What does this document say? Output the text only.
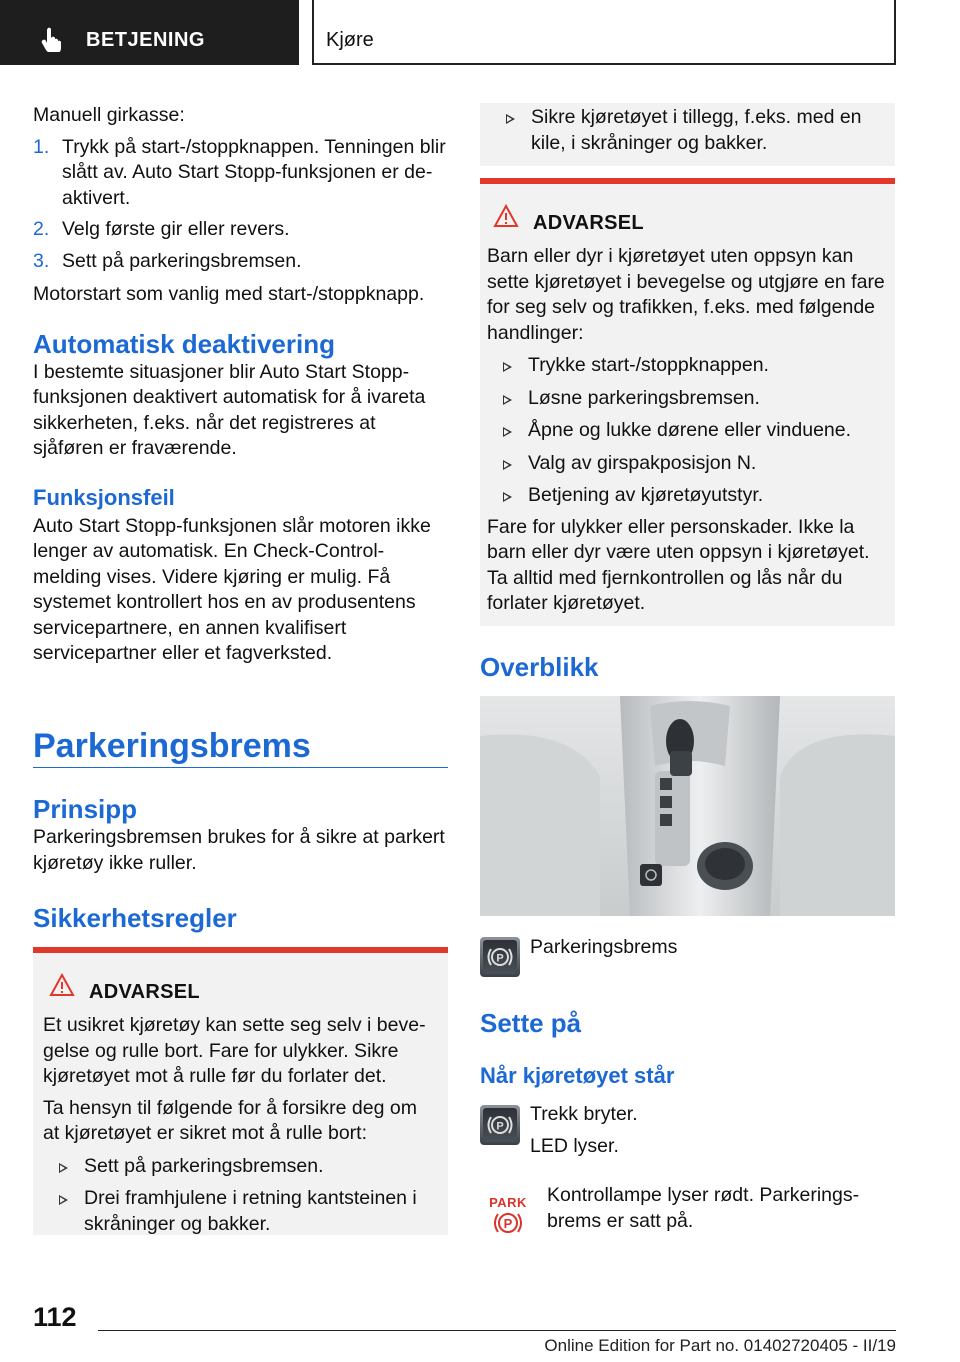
BETJENING	Kjøre
Manuell girkasse:
1. Trykk på start-/stoppknappen. Tenningen blir slått av. Auto Start Stopp-funksjonen er deaktivert.
2. Velg første gir eller revers.
3. Sett på parkeringsbremsen.
Motorstart som vanlig med start-/stoppknapp.
Automatisk deaktivering
I bestemte situasjoner blir Auto Start Stopp-funksjonen deaktivert automatisk for å ivareta sikkerheten, f.eks. når det registreres at sjåføren er fraværende.
Funksjonsfeil
Auto Start Stopp-funksjonen slår motoren ikke lenger av automatisk. En Check-Control-melding vises. Videre kjøring er mulig. Få systemet kontrollert hos en av produsentens servicepartnere, en annen kvalifisert servicepartner eller et fagverksted.
Parkeringsbrems
Prinsipp
Parkeringsbremsen brukes for å sikre at parkert kjøretøy ikke ruller.
Sikkerhetsregler
ADVARSEL
Et usikret kjøretøy kan sette seg selv i bevegelse og rulle bort. Fare for ulykker. Sikre kjøretøyet mot å rulle før du forlater det.
Ta hensyn til følgende for å forsikre deg om at kjøretøyet er sikret mot å rulle bort:
Sett på parkeringsbremsen.
Drei framhjulene i retning kantsteinen i skråninger og bakker.
Sikre kjøretøyet i tillegg, f.eks. med en kile, i skråninger og bakker.
ADVARSEL
Barn eller dyr i kjøretøyet uten oppsyn kan sette kjøretøyet i bevegelse og utgjøre en fare for seg selv og trafikken, f.eks. med følgende handlinger:
Trykke start-/stoppknappen.
Løsne parkeringsbremsen.
Åpne og lukke dørene eller vinduene.
Valg av girspakposisjon N.
Betjening av kjøretøyutstyr.
Fare for ulykker eller personskader. Ikke la barn eller dyr være uten oppsyn i kjøretøyet. Ta alltid med fjernkontrollen og lås når du forlater kjøretøyet.
Overblikk
P
Parkeringsbrems
Sette på
Når kjøretøyet står
P
Trekk bryter.
LED lyser.
PARK
P
Kontrollampe lyser rødt. Parkeringsbrems er satt på.
112
Online Edition for Part no. 01402720405 - II/19
